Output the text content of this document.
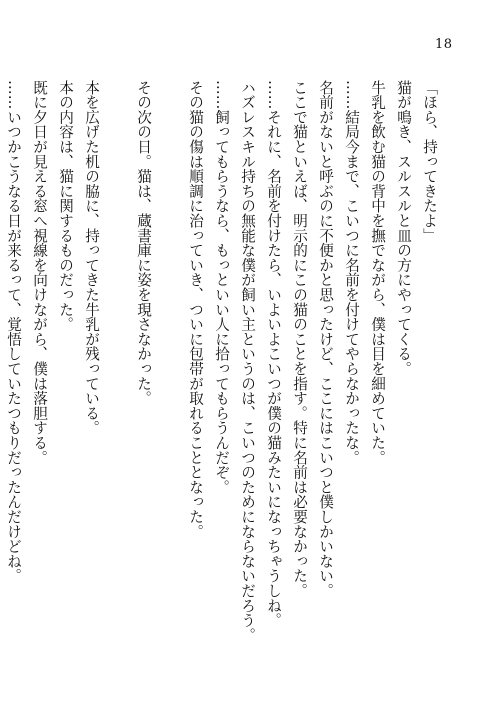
18
「ほら、持ってきたよ」
猫が鳴き、スルスルと皿の方にやってくる。
牛乳を飲む猫の背中を撫でながら、僕は目を細めていた。
……結局今まで、こいつに名前を付けてやらなかったな。
名前がないと呼ぶのに不便かと思ったけど、ここにはこいつと僕しかいない。
ここで猫といえば、明示的にこの猫のことを指す。特に名前は必要なかった。
……それに、名前を付けたら、いよいよこいつが僕の猫みたいになっちゃうしね。
ハズレスキル持ちの無能な僕が飼い主というのは、こいつのためにならないだろう。
……飼ってもらうなら、もっといい人に拾ってもらうんだぞ。
その猫の傷は順調に治っていき、ついに包帯が取れることとなった。
その次の日。猫は、蔵書庫に姿を現さなかった。
本を広げた机の脇に、持ってきた牛乳が残っている。
本の内容は、猫に関するものだった。
既に夕日が見える窓へ視線を向けながら、僕は落胆する。
……いつかこうなる日が来るって、覚悟していたつもりだったんだけどね。
